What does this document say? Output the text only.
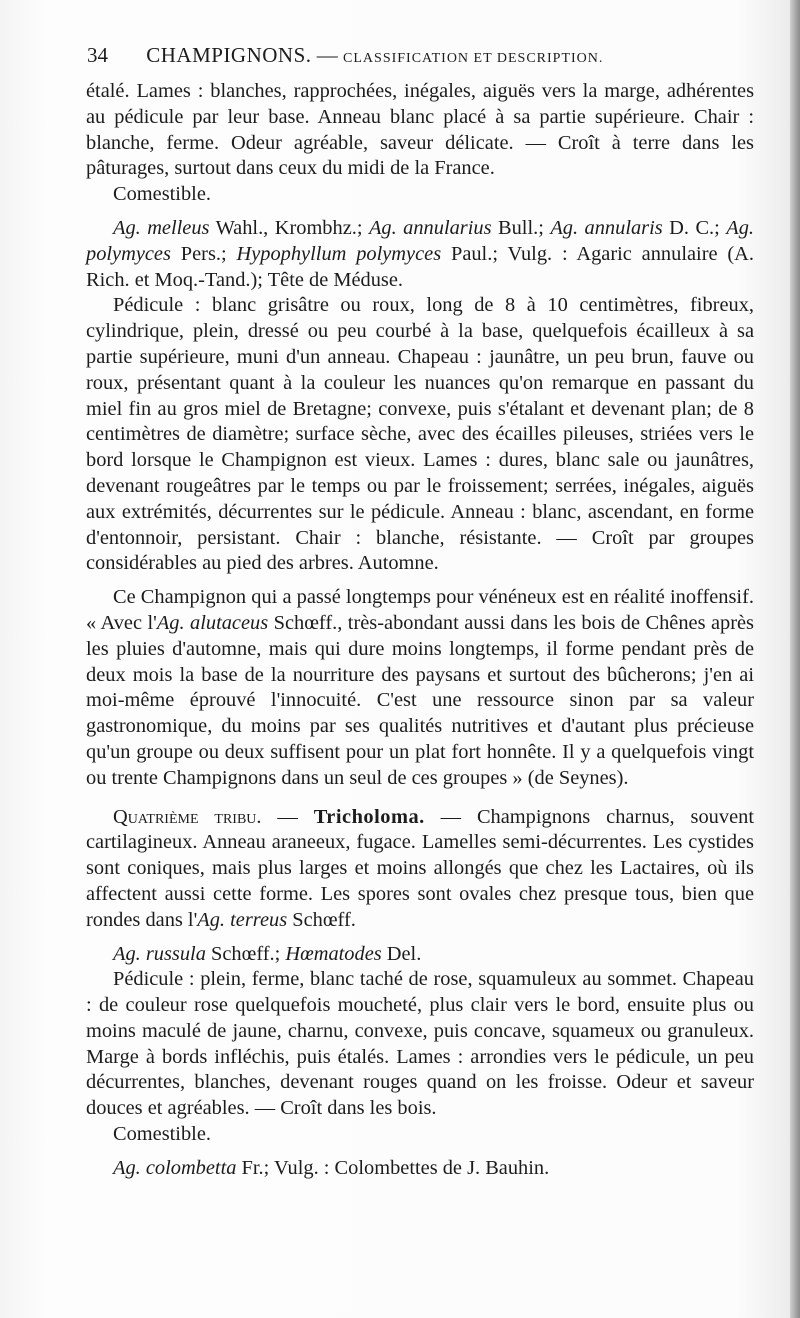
34 CHAMPIGNONS. — CLASSIFICATION ET DESCRIPTION.

étalé. Lames : blanches, rapprochées, inégales, aiguës vers la marge, adhérentes au pédicule par leur base. Anneau blanc placé à sa partie supérieure. Chair : blanche, ferme. Odeur agréable, saveur délicate. — Croît à terre dans les pâturages, surtout dans ceux du midi de la France.

Comestible.

Ag. melleus Wahl., Krombhz.; Ag. annularius Bull.; Ag. annularis D. C.; Ag. polymyces Pers.; Hypophyllum polymyces Paul.; Vulg. : Agaric annulaire (A. Rich. et Moq.-Tand.); Tête de Méduse.

Pédicule : blanc grisâtre ou roux, long de 8 à 10 centimètres, fibreux, cylindrique, plein, dressé ou peu courbé à la base, quelquefois écailleux à sa partie supérieure, muni d'un anneau. Chapeau : jaunâtre, un peu brun, fauve ou roux, présentant quant à la couleur les nuances qu'on remarque en passant du miel fin au gros miel de Bretagne; convexe, puis s'étalant et devenant plan; de 8 centimètres de diamètre; surface sèche, avec des écailles pileuses, striées vers le bord lorsque le Champignon est vieux. Lames : dures, blanc sale ou jaunâtres, devenant rougeâtres par le temps ou par le froissement; serrées, inégales, aiguës aux extrémités, décurrentes sur le pédicule. Anneau : blanc, ascendant, en forme d'entonnoir, persistant. Chair : blanche, résistante. — Croît par groupes considérables au pied des arbres. Automne.

Ce Champignon qui a passé longtemps pour vénéneux est en réalité inoffensif. « Avec l'Ag. alutaceus Schœff., très-abondant aussi dans les bois de Chênes après les pluies d'automne, mais qui dure moins longtemps, il forme pendant près de deux mois la base de la nourriture des paysans et surtout des bûcherons; j'en ai moi-même éprouvé l'innocuité. C'est une ressource sinon par sa valeur gastronomique, du moins par ses qualités nutritives et d'autant plus précieuse qu'un groupe ou deux suffisent pour un plat fort honnête. Il y a quelquefois vingt ou trente Champignons dans un seul de ces groupes » (de Seynes).

Quatrième tribu. — Tricholoma. — Champignons charnus, souvent cartilagineux. Anneau araneeux, fugace. Lamelles semi-décurrentes. Les cystides sont coniques, mais plus larges et moins allongés que chez les Lactaires, où ils affectent aussi cette forme. Les spores sont ovales chez presque tous, bien que rondes dans l'Ag. terreus Schœff.

Ag. russula Schœff.; Hœmatodes Del.

Pédicule : plein, ferme, blanc taché de rose, squamuleux au sommet. Chapeau : de couleur rose quelquefois moucheté, plus clair vers le bord, ensuite plus ou moins maculé de jaune, charnu, convexe, puis concave, squameux ou granuleux. Marge à bords infléchis, puis étalés. Lames : arrondies vers le pédicule, un peu décurrentes, blanches, devenant rouges quand on les froisse. Odeur et saveur douces et agréables. — Croît dans les bois.

Comestible.

Ag. colombetta Fr.; Vulg. : Colombettes de J. Bauhin.
